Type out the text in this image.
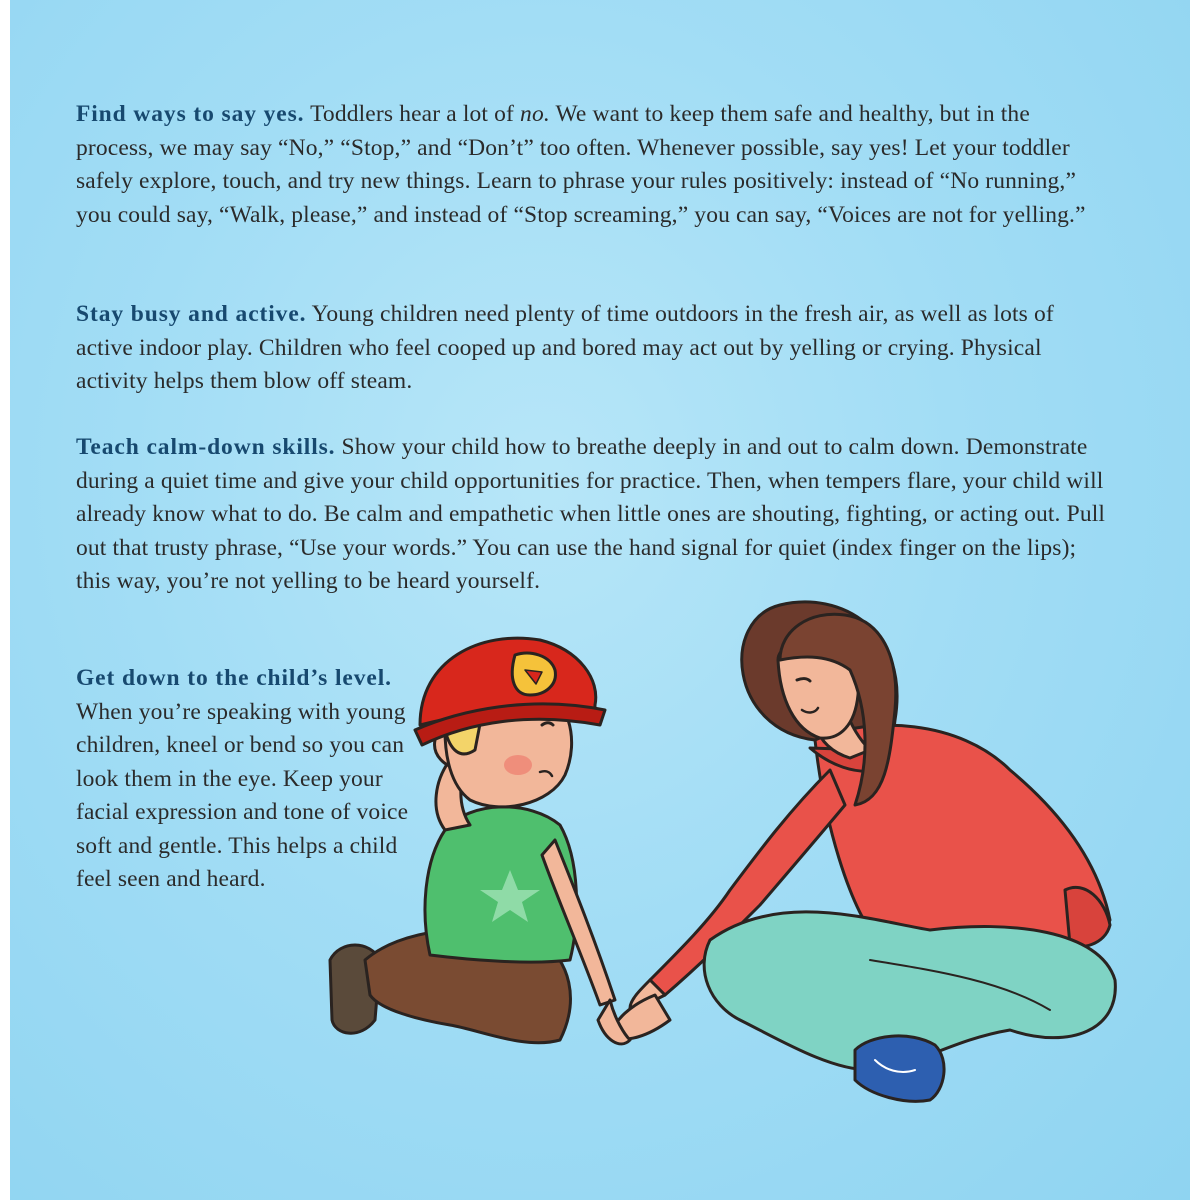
Find ways to say yes. Toddlers hear a lot of no. We want to keep them safe and healthy, but in the process, we may say “No,” “Stop,” and “Don’t” too often. Whenever possible, say yes! Let your toddler safely explore, touch, and try new things. Learn to phrase your rules positively: instead of “No running,” you could say, “Walk, please,” and instead of “Stop screaming,” you can say, “Voices are not for yelling.”

Stay busy and active. Young children need plenty of time outdoors in the fresh air, as well as lots of active indoor play. Children who feel cooped up and bored may act out by yelling or crying. Physical activity helps them blow off steam.

Teach calm-down skills. Show your child how to breathe deeply in and out to calm down. Demonstrate during a quiet time and give your child opportunities for practice. Then, when tempers flare, your child will already know what to do. Be calm and empathetic when little ones are shouting, fighting, or acting out. Pull out that trusty phrase, “Use your words.” You can use the hand signal for quiet (index finger on the lips); this way, you’re not yelling to be heard yourself.

Get down to the child’s level. When you’re speaking with young children, kneel or bend so you can look them in the eye. Keep your facial expression and tone of voice soft and gentle. This helps a child feel seen and heard.
